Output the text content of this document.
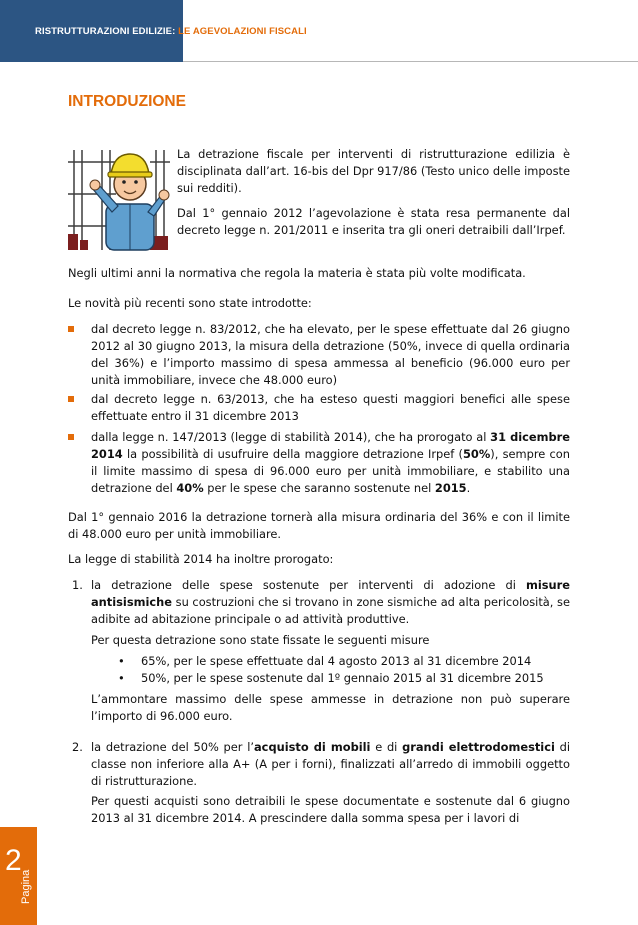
RISTRUTTURAZIONI EDILIZIE: LE AGEVOLAZIONI FISCALI
INTRODUZIONE
La detrazione fiscale per interventi di ristrutturazione edilizia è disciplinata dall’art. 16-bis del Dpr 917/86 (Testo unico delle imposte sui redditi).
Dal 1° gennaio 2012 l’agevolazione è stata resa permanente dal decreto legge n. 201/2011 e inserita tra gli oneri detraibili dall’Irpef.
Negli ultimi anni la normativa che regola la materia è stata più volte modificata.
Le novità più recenti sono state introdotte:
dal decreto legge n. 83/2012, che ha elevato, per le spese effettuate dal 26 giugno 2012 al 30 giugno 2013, la misura della detrazione (50%, invece di quella ordinaria del 36%) e l’importo massimo di spesa ammessa al beneficio (96.000 euro per unità immobiliare, invece che 48.000 euro)
dal decreto legge n. 63/2013, che ha esteso questi maggiori benefici alle spese effettuate entro il 31 dicembre 2013
dalla legge n. 147/2013 (legge di stabilità 2014), che ha prorogato al 31 dicembre 2014 la possibilità di usufruire della maggiore detrazione Irpef (50%), sempre con il limite massimo di spesa di 96.000 euro per unità immobiliare, e stabilito una detrazione del 40% per le spese che saranno sostenute nel 2015.
Dal 1° gennaio 2016 la detrazione tornerà alla misura ordinaria del 36% e con il limite di 48.000 euro per unità immobiliare.
La legge di stabilità 2014 ha inoltre prorogato:
1. la detrazione delle spese sostenute per interventi di adozione di misure antisismiche su costruzioni che si trovano in zone sismiche ad alta pericolosità, se adibite ad abitazione principale o ad attività produttive.
Per questa detrazione sono state fissate le seguenti misure
• 65%, per le spese effettuate dal 4 agosto 2013 al 31 dicembre 2014
• 50%, per le spese sostenute dal 1º gennaio 2015 al 31 dicembre 2015
L’ammontare massimo delle spese ammesse in detrazione non può superare l’importo di 96.000 euro.
2. la detrazione del 50% per l’acquisto di mobili e di grandi elettrodomestici di classe non inferiore alla A+ (A per i forni), finalizzati all’arredo di immobili oggetto di ristrutturazione.
Per questi acquisti sono detraibili le spese documentate e sostenute dal 6 giugno 2013 al 31 dicembre 2014. A prescindere dalla somma spesa per i lavori di
Pagina
2
